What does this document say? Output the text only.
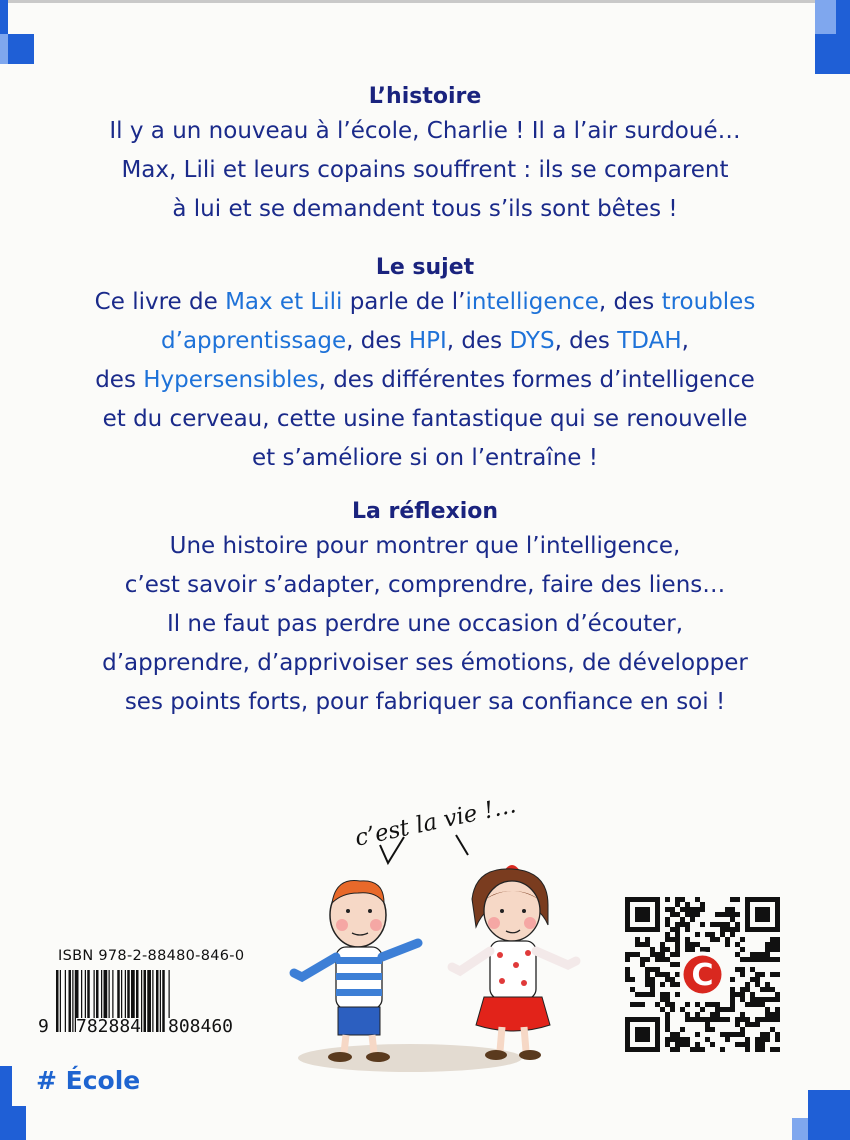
L’histoire
Il y a un nouveau à l’école, Charlie ! Il a l’air surdoué…
Max, Lili et leurs copains souffrent : ils se comparent
à lui et se demandent tous s’ils sont bêtes !
Le sujet
Ce livre de Max et Lili parle de l’intelligence, des troubles
d’apprentissage, des HPI, des DYS, des TDAH,
des Hypersensibles, des différentes formes d’intelligence
et du cerveau, cette usine fantastique qui se renouvelle
et s’améliore si on l’entraîne !
La réflexion
Une histoire pour montrer que l’intelligence,
c’est savoir s’adapter, comprendre, faire des liens…
Il ne faut pas perdre une occasion d’écouter,
d’apprendre, d’apprivoiser ses émotions, de développer
ses points forts, pour fabriquer sa confiance en soi !
c’est la vie !…
ISBN 978-2-88480-846-0
9 782884 808460
C
# École
